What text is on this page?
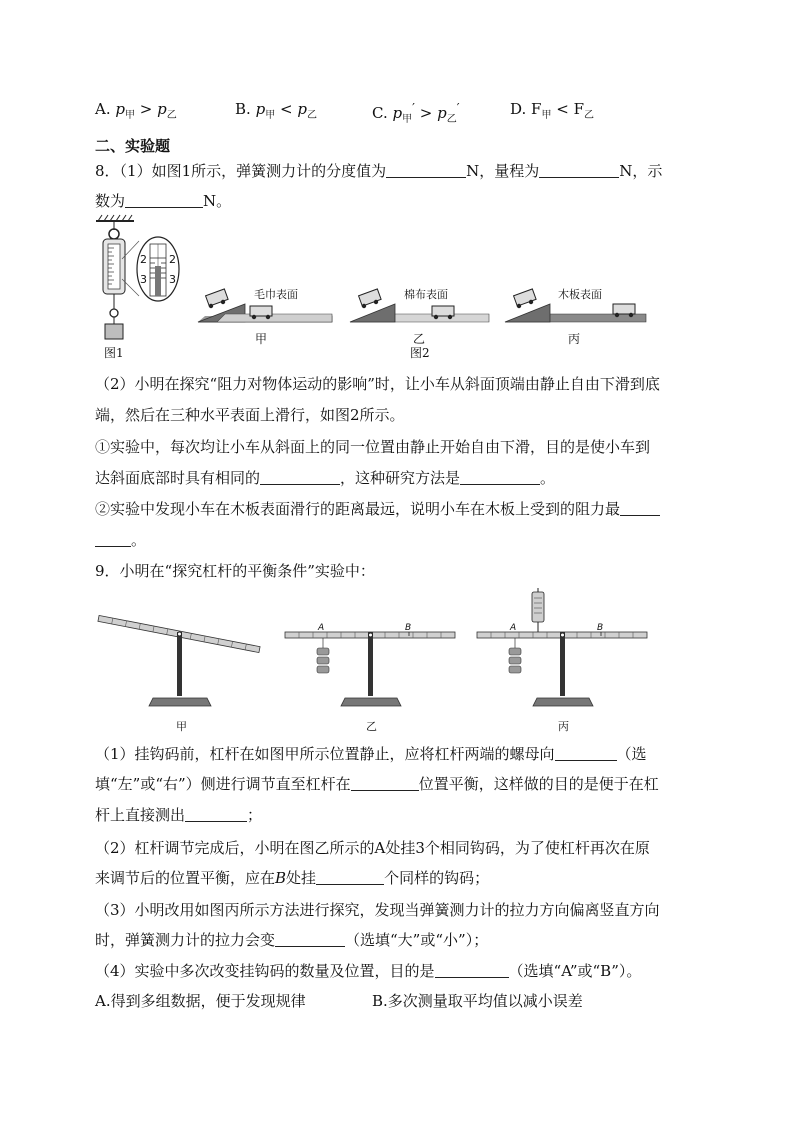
A. $p_甲 > p_乙$	B. $p_甲 < p_乙$	C. $p_甲' > p_乙'$	D. $F_甲 < F_乙$
二、实验题
8．（1）如图1所示，弹簧测力计的分度值为	N，量程为	N，示
数为	N。
2
3
2
3
图1
毛巾表面	棉布表面	木板表面
甲	乙	丙
图2
（2）小明在探究“阻力对物体运动的影响”时，让小车从斜面顶端由静止自由下滑到底
端，然后在三种水平表面上滑行，如图2所示。
①实验中，每次均让小车从斜面上的同一位置由静止开始自由下滑，目的是使小车到
达斜面底部时具有相同的	，这种研究方法是	。
②实验中发现小车在木板表面滑行的距离最远，说明小车在木板上受到的阻力最
。
9．小明在“探究杠杆的平衡条件”实验中：
A	B	A	B
甲	乙	丙
（1）挂钩码前，杠杆在如图甲所示位置静止，应将杠杆两端的螺母向	（选
填“左”或“右”）侧进行调节直至杠杆在	位置平衡，这样做的目的是便于在杠
杆上直接测出	；
（2）杠杆调节完成后，小明在图乙所示的A处挂3个相同钩码，为了使杠杆再次在原
来调节后的位置平衡，应在B处挂	个同样的钩码；
（3）小明改用如图丙所示方法进行探究，发现当弹簧测力计的拉力方向偏离竖直方向
时，弹簧测力计的拉力会变	（选填“大”或“小”）；
（4）实验中多次改变挂钩码的数量及位置，目的是	（选填“A”或“B”）。
A.得到多组数据，便于发现规律	B.多次测量取平均值以减小误差
